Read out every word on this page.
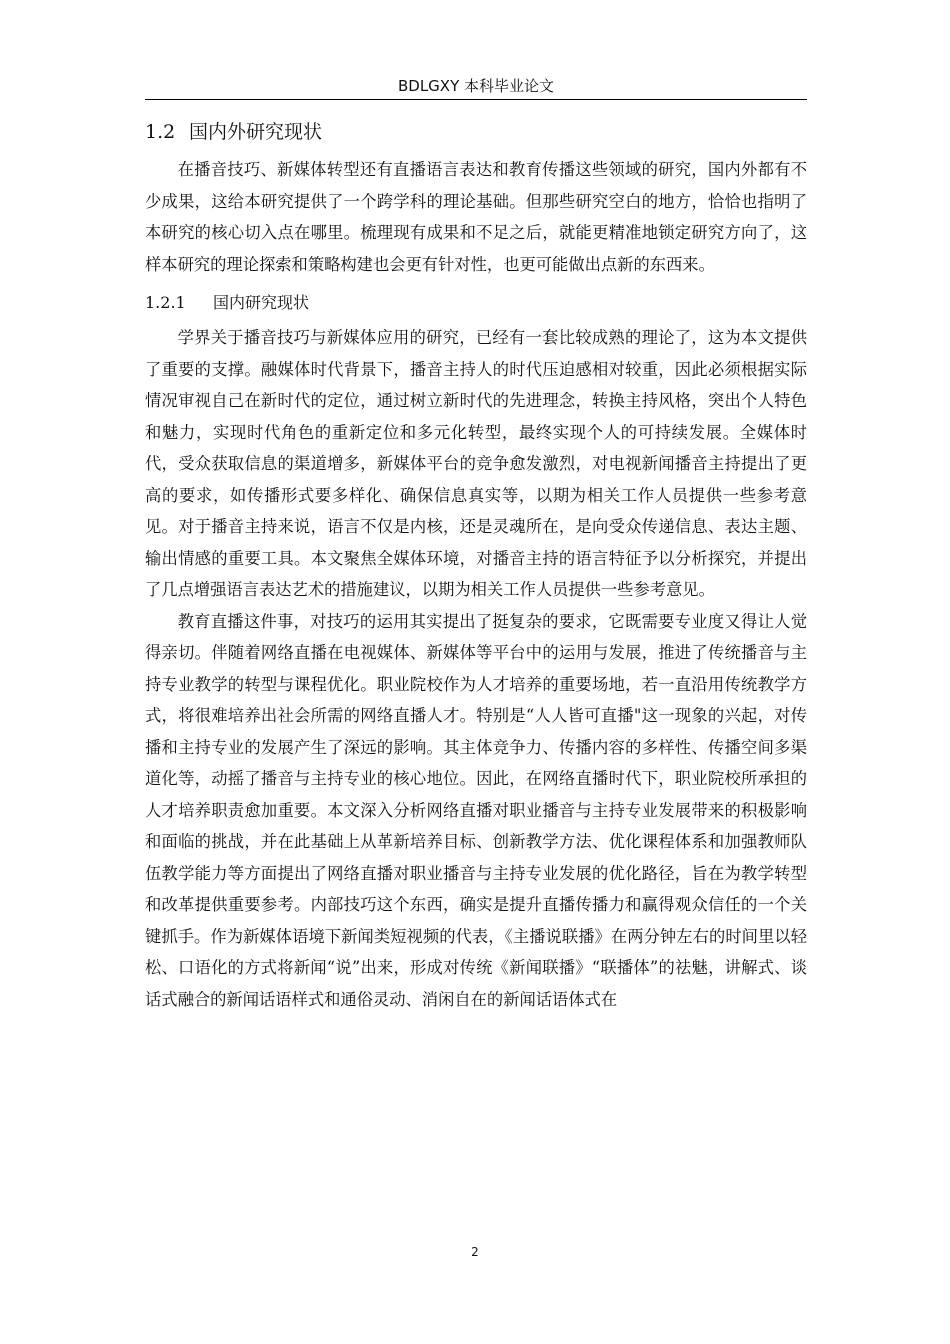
BDLGXY 本科毕业论文
1.2 国内外研究现状

在播音技巧、新媒体转型还有直播语言表达和教育传播这些领域的研究，国内外都有不少成果，这给本研究提供了一个跨学科的理论基础。但那些研究空白的地方，恰恰也指明了本研究的核心切入点在哪里。梳理现有成果和不足之后，就能更精准地锁定研究方向了，这样本研究的理论探索和策略构建也会更有针对性，也更可能做出点新的东西来。

1.2.1 国内研究现状

学界关于播音技巧与新媒体应用的研究，已经有一套比较成熟的理论了，这为本文提供了重要的支撑。融媒体时代背景下，播音主持人的时代压迫感相对较重，因此必须根据实际情况审视自己在新时代的定位，通过树立新时代的先进理念，转换主持风格，突出个人特色和魅力，实现时代角色的重新定位和多元化转型，最终实现个人的可持续发展。全媒体时代，受众获取信息的渠道增多，新媒体平台的竞争愈发激烈，对电视新闻播音主持提出了更高的要求，如传播形式要多样化、确保信息真实等，以期为相关工作人员提供一些参考意见。对于播音主持来说，语言不仅是内核，还是灵魂所在，是向受众传递信息、表达主题、输出情感的重要工具。本文聚焦全媒体环境，对播音主持的语言特征予以分析探究，并提出了几点增强语言表达艺术的措施建议，以期为相关工作人员提供一些参考意见。

教育直播这件事，对技巧的运用其实提出了挺复杂的要求，它既需要专业度又得让人觉得亲切。伴随着网络直播在电视媒体、新媒体等平台中的运用与发展，推进了传统播音与主持专业教学的转型与课程优化。职业院校作为人才培养的重要场地，若一直沿用传统教学方式，将很难培养出社会所需的网络直播人才。特别是“人人皆可直播"这一现象的兴起，对传播和主持专业的发展产生了深远的影响。其主体竞争力、传播内容的多样性、传播空间多渠道化等，动摇了播音与主持专业的核心地位。因此，在网络直播时代下，职业院校所承担的人才培养职责愈加重要。本文深入分析网络直播对职业播音与主持专业发展带来的积极影响和面临的挑战，并在此基础上从革新培养目标、创新教学方法、优化课程体系和加强教师队伍教学能力等方面提出了网络直播对职业播音与主持专业发展的优化路径，旨在为教学转型和改革提供重要参考。内部技巧这个东西，确实是提升直播传播力和赢得观众信任的一个关键抓手。作为新媒体语境下新闻类短视频的代表，《主播说联播》在两分钟左右的时间里以轻松、口语化的方式将新闻“说”出来，形成对传统《新闻联播》“联播体”的祛魅，讲解式、谈话式融合的新闻话语样式和通俗灵动、消闲自在的新闻话语体式在

2
